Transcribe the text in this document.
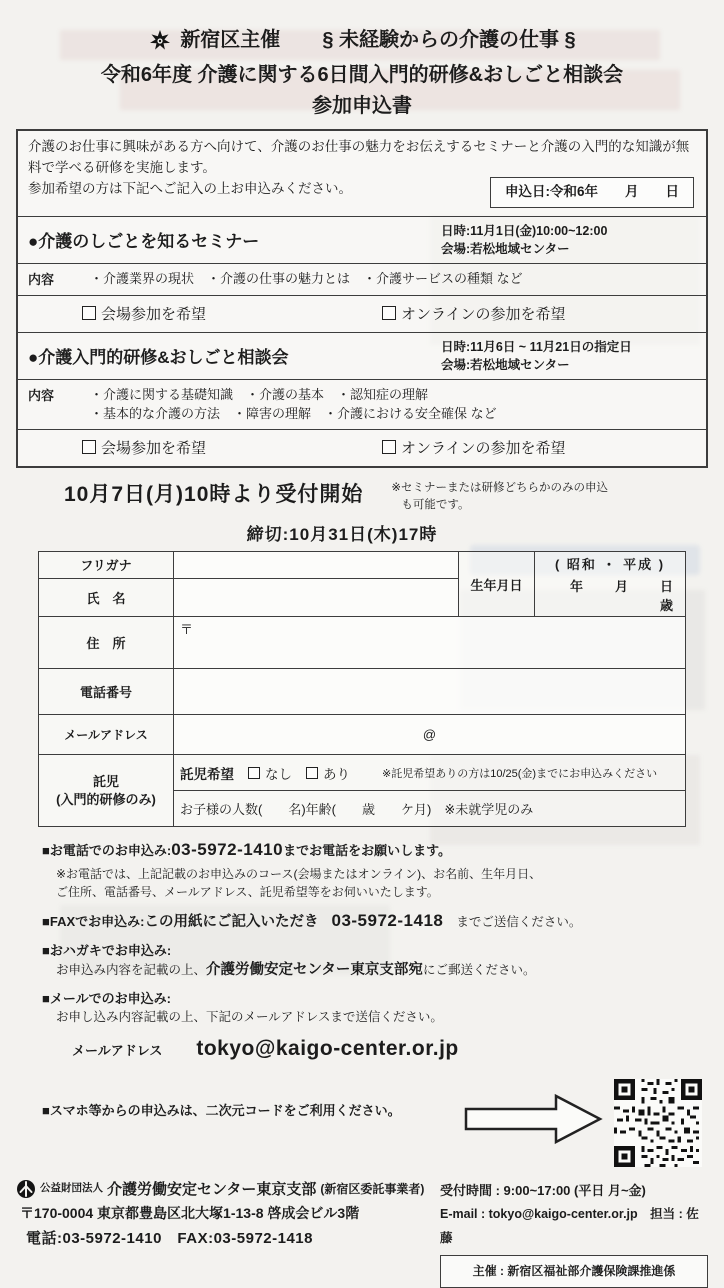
新宿区主催 § 未経験からの介護の仕事 §
令和6年度 介護に関する6日間入門的研修&おしごと相談会
参加申込書
介護のお仕事に興味がある方へ向けて、介護のお仕事の魅力をお伝えするセミナーと介護の入門的な知識が無料で学べる研修を実施します。
参加希望の方は下記へご記入の上お申込みください。	申込日:令和6年　　月　　日
●介護のしごとを知るセミナー
日時:11月1日(金)10:00~12:00
会場:若松地域センター
内容	・介護業界の現状　・介護の仕事の魅力とは　・介護サービスの種類 など
会場参加を希望	オンラインの参加を希望
●介護入門的研修&おしごと相談会
日時:11月6日 ~ 11月21日の指定日
会場:若松地域センター
内容	・介護に関する基礎知識　・介護の基本　・認知症の理解
・基本的な介護の方法　・障害の理解　・介護における安全確保 など
会場参加を希望	オンラインの参加を希望
10月7日(月)10時より受付開始 ※セミナーまたは研修どちらかのみの申込
も可能です。
締切:10月31日(木)17時
フリガナ		生年月日	( 昭和 ・ 平成 )
年　　月　　日　　歳

氏　名			
住　所	〒		
電話番号			
メールアドレス	@		

託児
(入門的研修のみ)

託児希望 なし あり	※託児希望ありの方は10/25(金)までにお申込みください

	お子様の人数(　　名)年齢(　　歳　　ケ月)　※未就学児のみ		
■お電話でのお申込み:03-5972-1410までお電話をお願いします。
※お電話では、上記記載のお申込みのコース(会場またはオンライン)、お名前、生年月日、
ご住所、電話番号、メールアドレス、託児希望等をお伺いいたします。
■FAXでお申込み:この用紙にご記入いただき　 03-5972-1418　 までご送信ください。
■おハガキでお申込み:
お申込み内容を記載の上、介護労働安定センター東京支部宛にご郵送ください。
■メールでのお申込み:
お申し込み内容記載の上、下記のメールアドレスまで送信ください。
メールアドレス tokyo@kaigo-center.or.jp
■スマホ等からの申込みは、二次元コードをご利用ください。
公益財団法人 介護労働安定センター東京支部 (新宿区委託事業者)
〒170-0004 東京都豊島区北大塚1-13-8 啓成会ビル3階
電話:03-5972-1410　FAX:03-5972-1418
受付時間 : 9:00~17:00 (平日 月~金)
E-mail : tokyo@kaigo-center.or.jp　担当 : 佐藤
主催 : 新宿区福祉部介護保険課推進係
